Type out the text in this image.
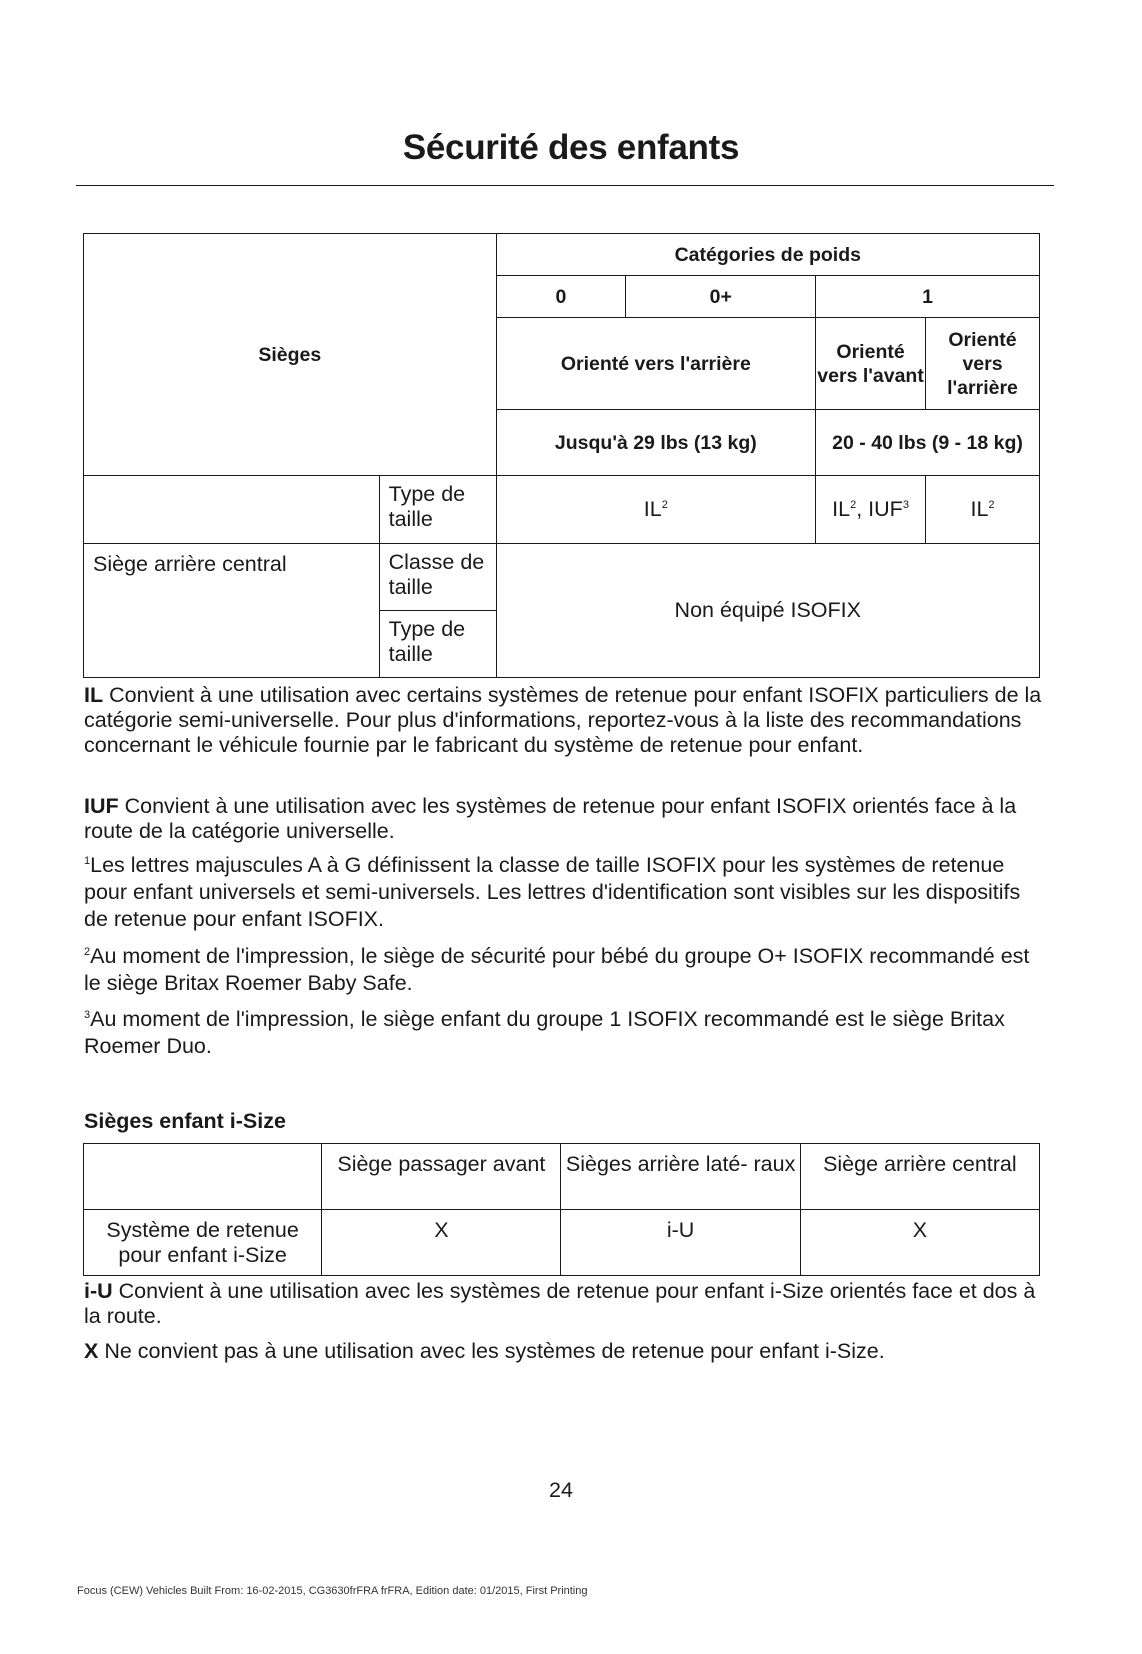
Sécurité des enfants
Sièges		Catégories de poids			
		0	0+	1	
		Orienté vers l'arrière		Orienté vers l'avant	Orienté vers l'arrière
		Jusqu'à 29 lbs (13 kg)		20 - 40 lbs (9 - 18 kg)	
	Type de taille	$IL^2$		$IL^2$, IUF$^3$	$IL^2$
Siège arrière central	Classe de taille	Non équipé ISOFIX			
	Type de taille				

IL Convient à une utilisation avec certains systèmes de retenue pour enfant ISOFIX particuliers de la catégorie semi-universelle. Pour plus d'informations, reportez-vous à la liste des recommandations concernant le véhicule fournie par le fabricant du système de retenue pour enfant.

IUF Convient à une utilisation avec les systèmes de retenue pour enfant ISOFIX orientés face à la route de la catégorie universelle.

$^1$Les lettres majuscules A à G définissent la classe de taille ISOFIX pour les systèmes de retenue pour enfant universels et semi-universels. Les lettres d'identification sont visibles sur les dispositifs de retenue pour enfant ISOFIX.

$^2$Au moment de l'impression, le siège de sécurité pour bébé du groupe O+ ISOFIX recommandé est le siège Britax Roemer Baby Safe.

$^3$Au moment de l'impression, le siège enfant du groupe 1 ISOFIX recommandé est le siège Britax Roemer Duo.

Sièges enfant i-Size
	Siège passager avant	Sièges arrière laté- raux	Siège arrière central
Système de retenue pour enfant i-Size	X	i-U	X

i-U Convient à une utilisation avec les systèmes de retenue pour enfant i-Size orientés face et dos à la route.

X Ne convient pas à une utilisation avec les systèmes de retenue pour enfant i-Size.

24
Focus (CEW) Vehicles Built From: 16-02-2015, CG3630frFRA frFRA, Edition date: 01/2015, First Printing
